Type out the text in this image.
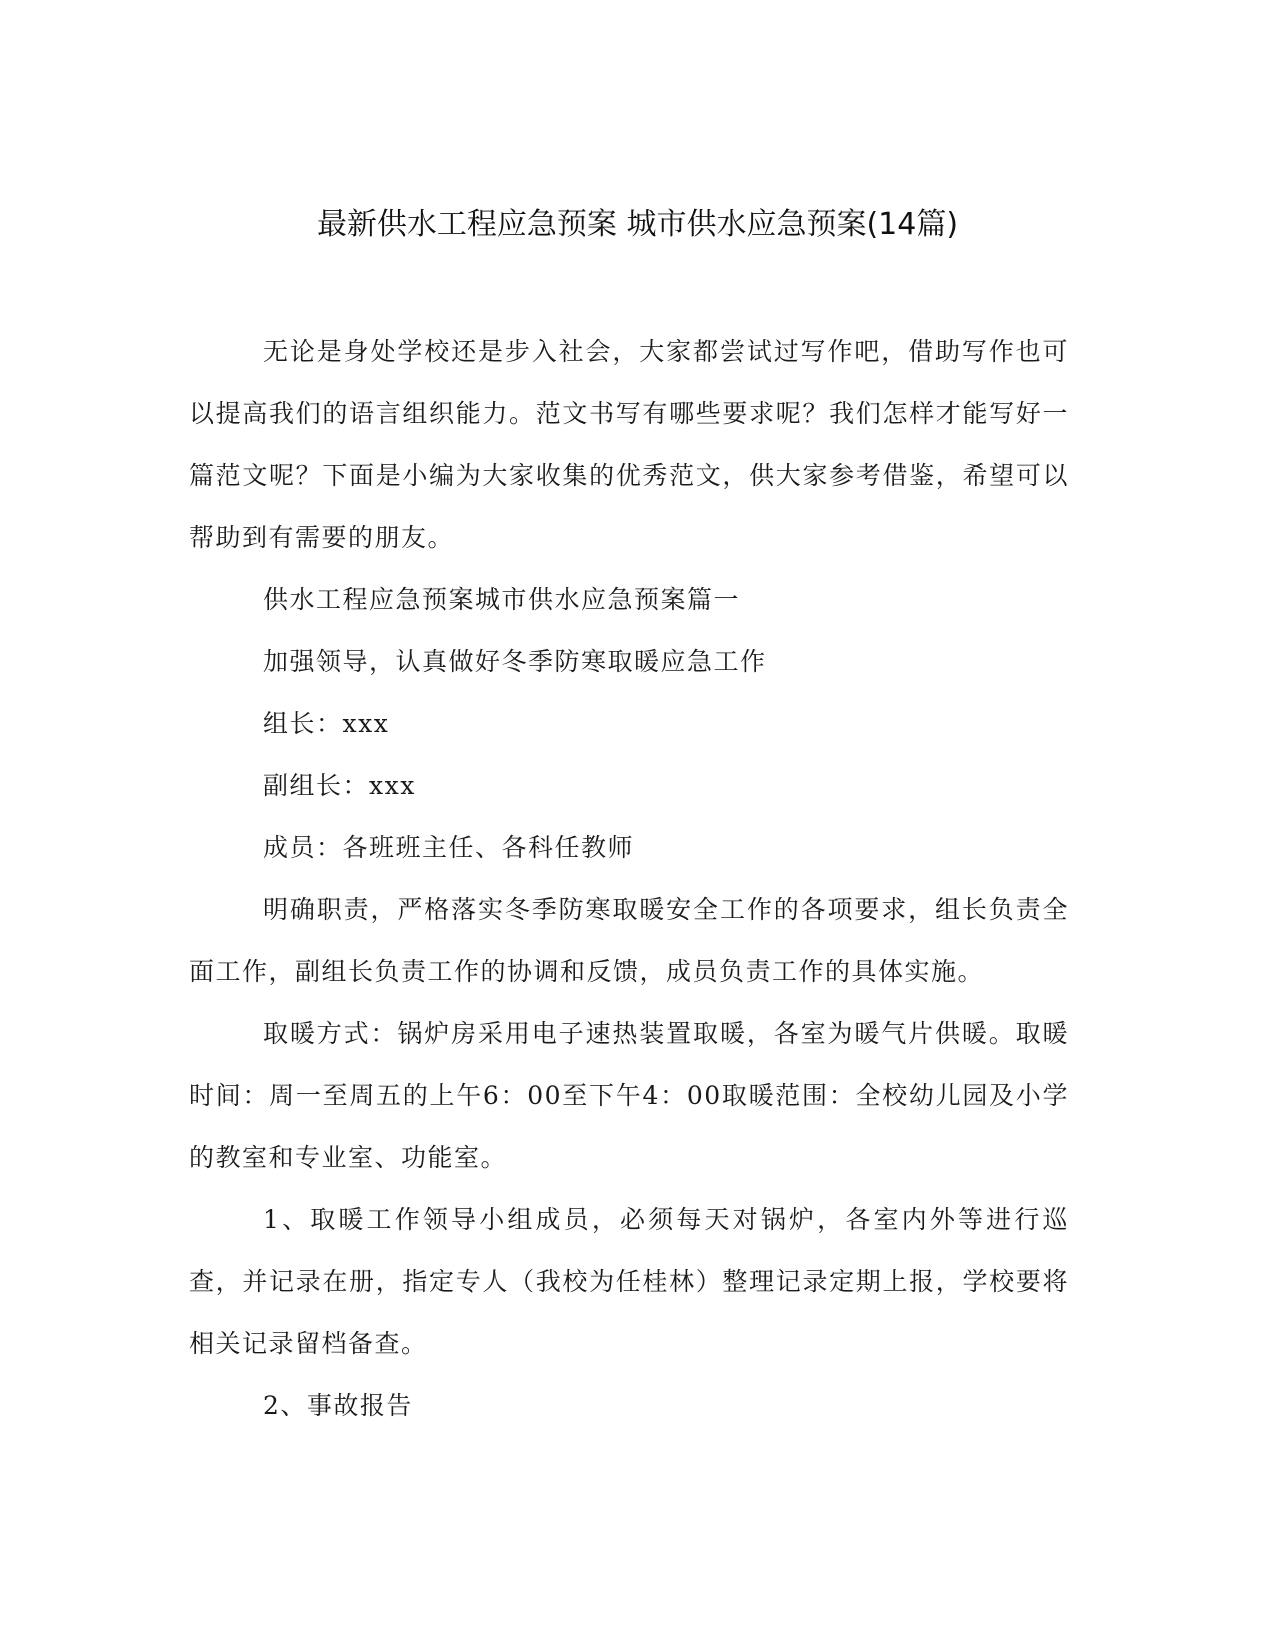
最新供水工程应急预案 城市供水应急预案(14篇)

无论是身处学校还是步入社会，大家都尝试过写作吧，借助写作也可以提高我们的语言组织能力。范文书写有哪些要求呢？我们怎样才能写好一篇范文呢？下面是小编为大家收集的优秀范文，供大家参考借鉴，希望可以帮助到有需要的朋友。

供水工程应急预案城市供水应急预案篇一

加强领导，认真做好冬季防寒取暖应急工作

组长：xxx

副组长：xxx

成员：各班班主任、各科任教师

明确职责，严格落实冬季防寒取暖安全工作的各项要求，组长负责全面工作，副组长负责工作的协调和反馈，成员负责工作的具体实施。

取暖方式：锅炉房采用电子速热装置取暖，各室为暖气片供暖。取暖时间：周一至周五的上午6：00至下午4：00取暖范围：全校幼儿园及小学的教室和专业室、功能室。

1、取暖工作领导小组成员，必须每天对锅炉，各室内外等进行巡查，并记录在册，指定专人（我校为任桂林）整理记录定期上报，学校要将相关记录留档备查。

2、事故报告
